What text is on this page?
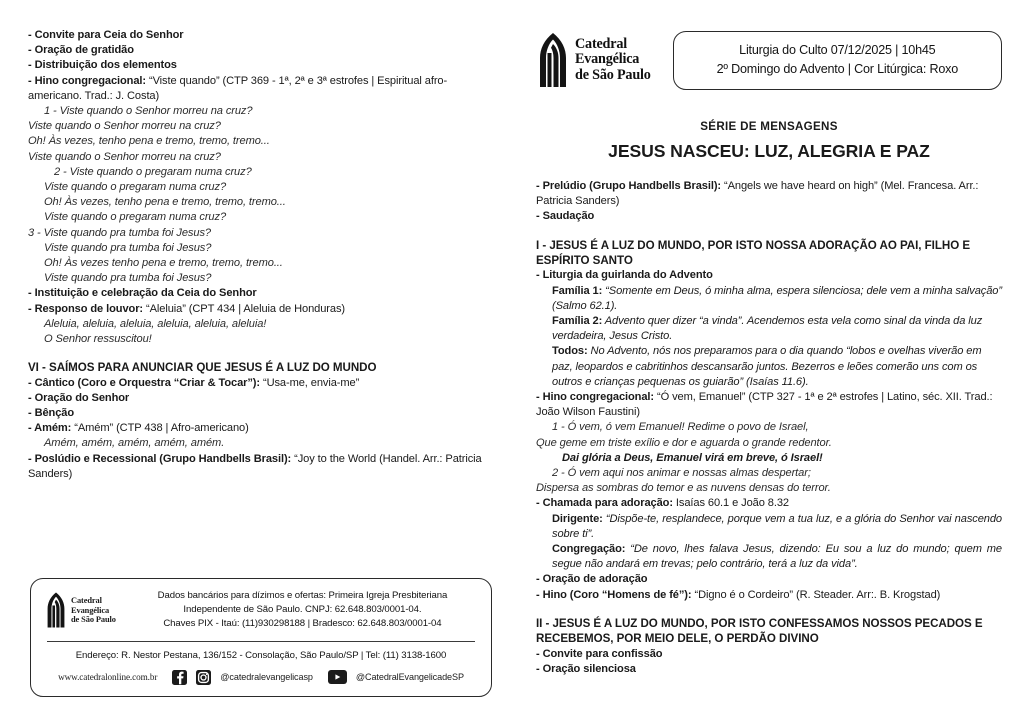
- Convite para Ceia do Senhor

- Oração de gratidão

- Distribuição dos elementos

- Hino congregacional: “Viste quando” (CTP 369 - 1ª, 2ª e 3ª estrofes | Espiritual afro-americano. Trad.: J. Costa)

1 - Viste quando o Senhor morreu na cruz?

Viste quando o Senhor morreu na cruz?

Oh! Às vezes, tenho pena e tremo, tremo, tremo...

Viste quando o Senhor morreu na cruz?

2 - Viste quando o pregaram numa cruz?

Viste quando o pregaram numa cruz?

Oh! Às vezes, tenho pena e tremo, tremo, tremo...

Viste quando o pregaram numa cruz?

3 - Viste quando pra tumba foi Jesus?

Viste quando pra tumba foi Jesus?

Oh! Às vezes tenho pena e tremo, tremo, tremo...

Viste quando pra tumba foi Jesus?

- Instituição e celebração da Ceia do Senhor

- Responso de louvor: “Aleluia” (CPT 434 | Aleluia de Honduras)

Aleluia, aleluia, aleluia, aleluia, aleluia, aleluia!

O Senhor ressuscitou!

VI - SAÍMOS PARA ANUNCIAR QUE JESUS É A LUZ DO MUNDO

- Cântico (Coro e Orquestra “Criar & Tocar”): “Usa-me, envia-me”

- Oração do Senhor

- Bênção

- Amém: “Amém” (CTP 438 | Afro-americano)

Amém, amém, amém, amém, amém.

- Poslúdio e Recessional (Grupo Handbells Brasil): “Joy to the World (Handel. Arr.: Patricia Sanders)

Catedral
Evangélica
de São Paulo
Dados bancários para dízimos e ofertas: Primeira Igreja Presbiteriana
Independente de São Paulo. CNPJ: 62.648.803/0001-04.
Chaves PIX - Itaú: (11)930298188 | Bradesco: 62.648.803/0001-04
Endereço: R. Nestor Pestana, 136/152 - Consolação, São Paulo/SP | Tel: (11) 3138-1600
www.catedralonline.com.br	@catedralevangelicasp	@CatedralEvangelicadeSP
Catedral
Evangélica
de São Paulo
Liturgia do Culto 07/12/2025 | 10h45
2º Domingo do Advento | Cor Litúrgica: Roxo
SÉRIE DE MENSAGENS
JESUS NASCEU: LUZ, ALEGRIA E PAZ

- Prelúdio (Grupo Handbells Brasil): “Angels we have heard on high” (Mel. Francesa. Arr.: Patricia Sanders)

- Saudação

I - JESUS É A LUZ DO MUNDO, POR ISTO NOSSA ADORAÇÃO AO PAI, FILHO E ESPÍRITO SANTO

- Liturgia da guirlanda do Advento

Família 1: “Somente em Deus, ó minha alma, espera silenciosa; dele vem a minha salvação” (Salmo 62.1).

Família 2: Advento quer dizer “a vinda”. Acendemos esta vela como sinal da vinda da luz verdadeira, Jesus Cristo.

Todos: No Advento, nós nos preparamos para o dia quando “lobos e ovelhas viverão em paz, leopardos e cabritinhos descansarão juntos. Bezerros e leões comerão uns com os outros e crianças pequenas os guiarão” (Isaías 11.6).

- Hino congregacional: “Ó vem, Emanuel” (CTP 327 - 1ª e 2ª estrofes | Latino, séc. XII. Trad.: João Wilson Faustini)

1 - Ó vem, ó vem Emanuel! Redime o povo de Israel,

Que geme em triste exílio e dor e aguarda o grande redentor.

Dai glória a Deus, Emanuel virá em breve, ó Israel!

2 - Ó vem aqui nos animar e nossas almas despertar;

Dispersa as sombras do temor e as nuvens densas do terror.

- Chamada para adoração: Isaías 60.1 e João 8.32

Dirigente: “Dispõe-te, resplandece, porque vem a tua luz, e a glória do Senhor vai nascendo sobre ti”.

Congregação: “De novo, lhes falava Jesus, dizendo: Eu sou a luz do mundo; quem me segue não andará em trevas; pelo contrário, terá a luz da vida”.

- Oração de adoração

- Hino (Coro “Homens de fé”): “Digno é o Cordeiro” (R. Steader. Arr:. B. Krogstad)

II - JESUS É A LUZ DO MUNDO, POR ISTO CONFESSAMOS NOSSOS PECADOS E RECEBEMOS, POR MEIO DELE, O PERDÃO DIVINO

- Convite para confissão

- Oração silenciosa
